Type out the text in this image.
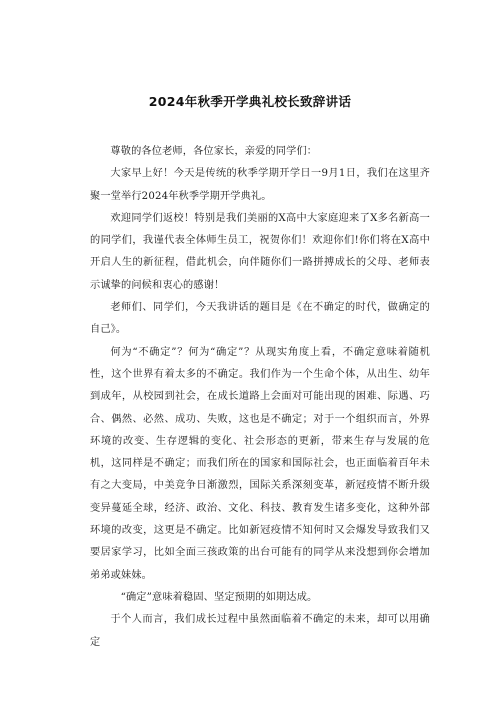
2024年秋季开学典礼校长致辞讲话

尊敬的各位老师，各位家长，亲爱的同学们：

大家早上好！今天是传统的秋季学期开学日一9月1日，我们在这里齐聚一堂举行2024年秋季学期开学典礼。

欢迎同学们返校！特别是我们美丽的X高中大家庭迎来了X多名新高一的同学们，我谨代表全体师生员工，祝贺你们！欢迎你们!你们将在X高中开启人生的新征程，借此机会，向伴随你们一路拼搏成长的父母、老师表示诚挚的问候和衷心的感谢！

老师们、同学们，今天我讲话的题目是《在不确定的时代，做确定的自己》。

何为“不确定”？何为“确定”？从现实角度上看，不确定意味着随机性，这个世界有着太多的不确定。我们作为一个生命个体，从出生、幼年到成年，从校园到社会，在成长道路上会面对可能出现的困难、际遇、巧合、偶然、必然、成功、失败，这也是不确定；对于一个组织而言，外界环境的改变、生存逻辑的变化、社会形态的更新，带来生存与发展的危机，这同样是不确定；而我们所在的国家和国际社会，也正面临着百年未有之大变局，中美竞争日渐激烈，国际关系深刻变革，新冠疫情不断升级变异蔓延全球，经济、政治、文化、科技、教育发生诸多变化，这种外部环境的改变，这更是不确定。比如新冠疫情不知何时又会爆发导致我们又要居家学习，比如全面三孩政策的出台可能有的同学从来没想到你会增加弟弟或妹妹。

“确定”意味着稳固、坚定预期的如期达成。

于个人而言，我们成长过程中虽然面临着不确定的未来，却可以用确定
